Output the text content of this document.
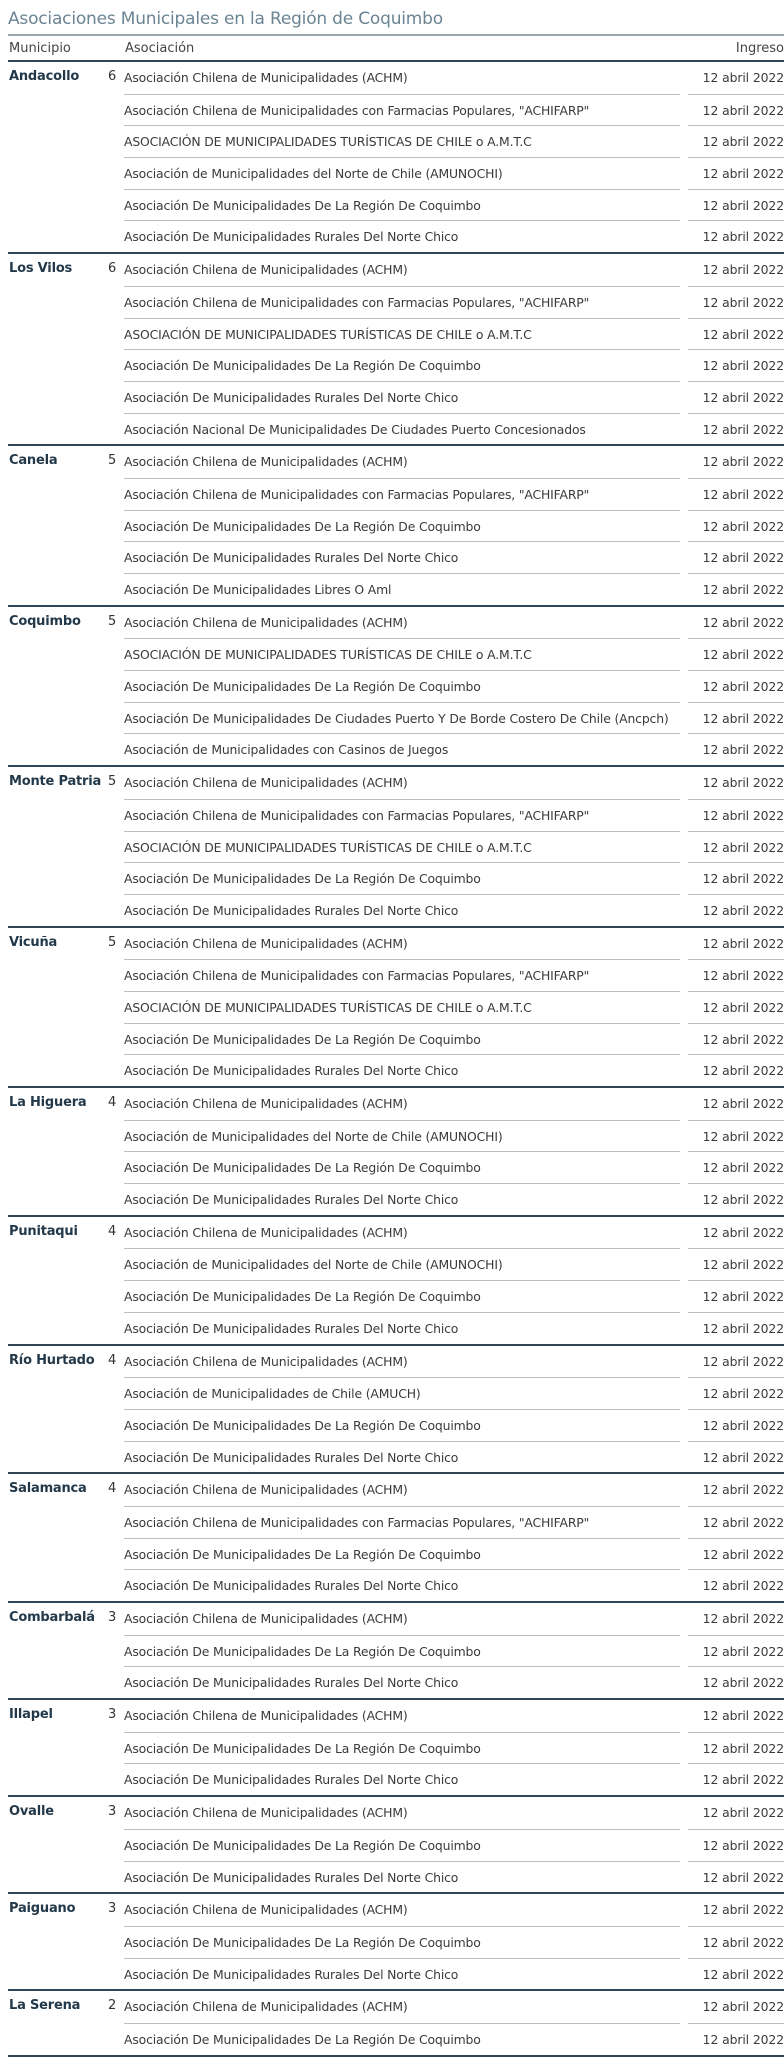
Asociaciones Municipales en la Región de Coquimbo
Municipio	Asociación	Ingreso
Andacollo	6 Asociación Chilena de Municipalidades (ACHM)	12 abril 2022
Asociación Chilena de Municipalidades con Farmacias Populares, "ACHIFARP"	12 abril 2022
ASOCIACIÓN DE MUNICIPALIDADES TURÍSTICAS DE CHILE o A.M.T.C	12 abril 2022
Asociación de Municipalidades del Norte de Chile (AMUNOCHI)	12 abril 2022
Asociación De Municipalidades De La Región De Coquimbo	12 abril 2022
Asociación De Municipalidades Rurales Del Norte Chico	12 abril 2022
Los Vilos	6 Asociación Chilena de Municipalidades (ACHM)	12 abril 2022
Asociación Chilena de Municipalidades con Farmacias Populares, "ACHIFARP"	12 abril 2022
ASOCIACIÓN DE MUNICIPALIDADES TURÍSTICAS DE CHILE o A.M.T.C	12 abril 2022
Asociación De Municipalidades De La Región De Coquimbo	12 abril 2022
Asociación De Municipalidades Rurales Del Norte Chico	12 abril 2022
Asociación Nacional De Municipalidades De Ciudades Puerto Concesionados	12 abril 2022
Canela	5 Asociación Chilena de Municipalidades (ACHM)	12 abril 2022
Asociación Chilena de Municipalidades con Farmacias Populares, "ACHIFARP"	12 abril 2022
Asociación De Municipalidades De La Región De Coquimbo	12 abril 2022
Asociación De Municipalidades Rurales Del Norte Chico	12 abril 2022
Asociación De Municipalidades Libres O Aml	12 abril 2022
Coquimbo	5 Asociación Chilena de Municipalidades (ACHM)	12 abril 2022
ASOCIACIÓN DE MUNICIPALIDADES TURÍSTICAS DE CHILE o A.M.T.C	12 abril 2022
Asociación De Municipalidades De La Región De Coquimbo	12 abril 2022
Asociación De Municipalidades De Ciudades Puerto Y De Borde Costero De Chile (Ancpch)	12 abril 2022
Asociación de Municipalidades con Casinos de Juegos	12 abril 2022
Monte Patria 5 Asociación Chilena de Municipalidades (ACHM)	12 abril 2022
Asociación Chilena de Municipalidades con Farmacias Populares, "ACHIFARP"	12 abril 2022
ASOCIACIÓN DE MUNICIPALIDADES TURÍSTICAS DE CHILE o A.M.T.C	12 abril 2022
Asociación De Municipalidades De La Región De Coquimbo	12 abril 2022
Asociación De Municipalidades Rurales Del Norte Chico	12 abril 2022
Vicuña	5 Asociación Chilena de Municipalidades (ACHM)	12 abril 2022
Asociación Chilena de Municipalidades con Farmacias Populares, "ACHIFARP"	12 abril 2022
ASOCIACIÓN DE MUNICIPALIDADES TURÍSTICAS DE CHILE o A.M.T.C	12 abril 2022
Asociación De Municipalidades De La Región De Coquimbo	12 abril 2022
Asociación De Municipalidades Rurales Del Norte Chico	12 abril 2022
La Higuera	4 Asociación Chilena de Municipalidades (ACHM)	12 abril 2022
Asociación de Municipalidades del Norte de Chile (AMUNOCHI)	12 abril 2022
Asociación De Municipalidades De La Región De Coquimbo	12 abril 2022
Asociación De Municipalidades Rurales Del Norte Chico	12 abril 2022
Punitaqui	4 Asociación Chilena de Municipalidades (ACHM)	12 abril 2022
Asociación de Municipalidades del Norte de Chile (AMUNOCHI)	12 abril 2022
Asociación De Municipalidades De La Región De Coquimbo	12 abril 2022
Asociación De Municipalidades Rurales Del Norte Chico	12 abril 2022
Río Hurtado	4 Asociación Chilena de Municipalidades (ACHM)	12 abril 2022
Asociación de Municipalidades de Chile (AMUCH)	12 abril 2022
Asociación De Municipalidades De La Región De Coquimbo	12 abril 2022
Asociación De Municipalidades Rurales Del Norte Chico	12 abril 2022
Salamanca	4 Asociación Chilena de Municipalidades (ACHM)	12 abril 2022
Asociación Chilena de Municipalidades con Farmacias Populares, "ACHIFARP"	12 abril 2022
Asociación De Municipalidades De La Región De Coquimbo	12 abril 2022
Asociación De Municipalidades Rurales Del Norte Chico	12 abril 2022
Combarbalá	3 Asociación Chilena de Municipalidades (ACHM)	12 abril 2022
Asociación De Municipalidades De La Región De Coquimbo	12 abril 2022
Asociación De Municipalidades Rurales Del Norte Chico	12 abril 2022
Illapel	3 Asociación Chilena de Municipalidades (ACHM)	12 abril 2022
Asociación De Municipalidades De La Región De Coquimbo	12 abril 2022
Asociación De Municipalidades Rurales Del Norte Chico	12 abril 2022
Ovalle	3 Asociación Chilena de Municipalidades (ACHM)	12 abril 2022
Asociación De Municipalidades De La Región De Coquimbo	12 abril 2022
Asociación De Municipalidades Rurales Del Norte Chico	12 abril 2022
Paiguano	3 Asociación Chilena de Municipalidades (ACHM)	12 abril 2022
Asociación De Municipalidades De La Región De Coquimbo	12 abril 2022
Asociación De Municipalidades Rurales Del Norte Chico	12 abril 2022
La Serena	2 Asociación Chilena de Municipalidades (ACHM)	12 abril 2022
Asociación De Municipalidades De La Región De Coquimbo	12 abril 2022
